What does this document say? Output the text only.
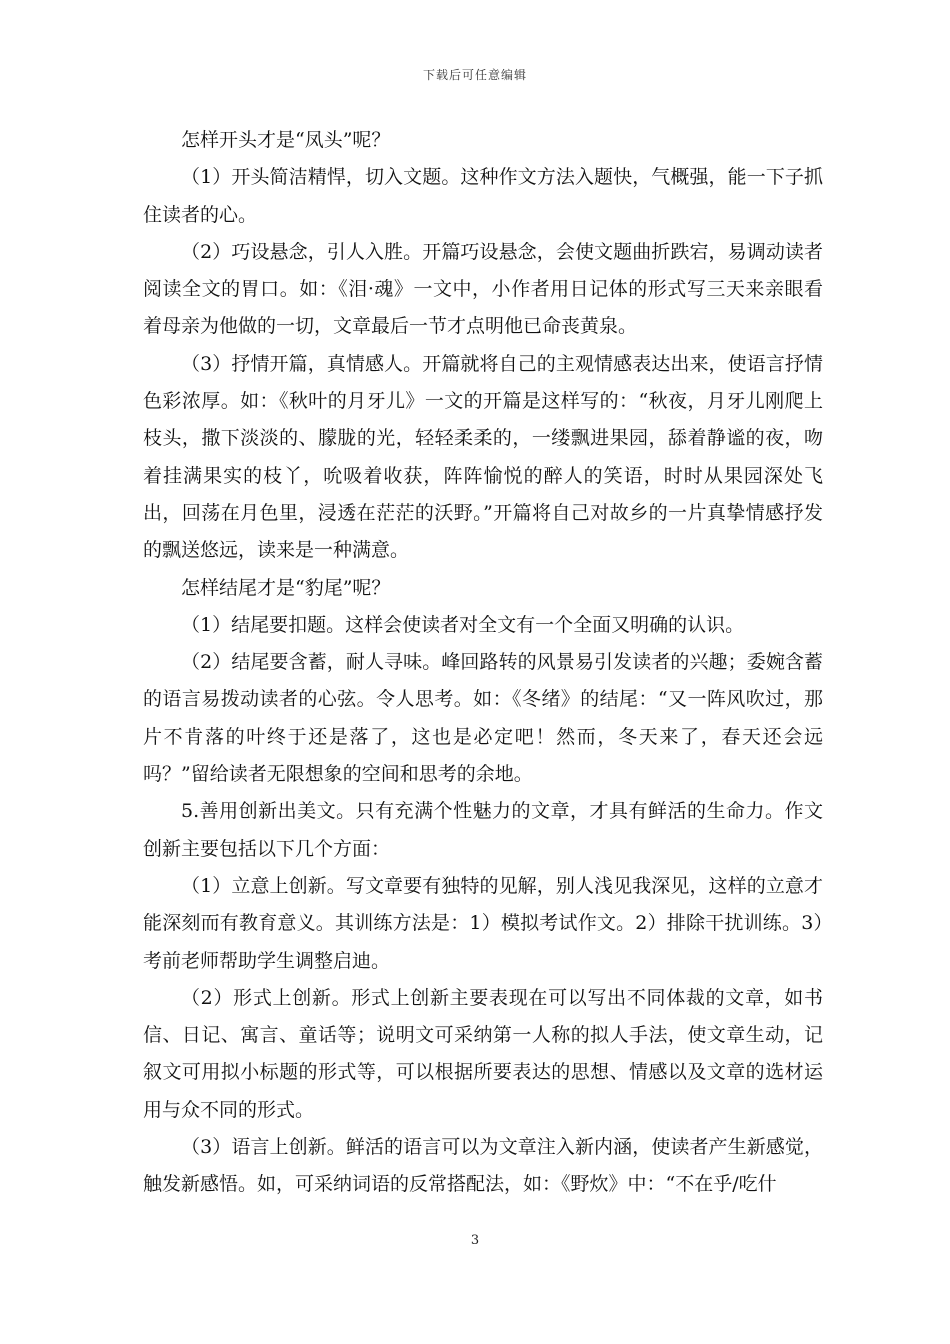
下载后可任意编辑

怎样开头才是“凤头”呢？

（1）开头简洁精悍，切入文题。这种作文方法入题快，气概强，能一下子抓住读者的心。

（2）巧设悬念，引人入胜。开篇巧设悬念，会使文题曲折跌宕，易调动读者阅读全文的胃口。如：《泪·魂》一文中，小作者用日记体的形式写三天来亲眼看着母亲为他做的一切，文章最后一节才点明他已命丧黄泉。

（3）抒情开篇，真情感人。开篇就将自己的主观情感表达出来，使语言抒情色彩浓厚。如：《秋叶的月牙儿》一文的开篇是这样写的：“秋夜，月牙儿刚爬上枝头，撒下淡淡的、朦胧的光，轻轻柔柔的，一缕飘进果园，舔着静谧的夜，吻着挂满果实的枝丫，吮吸着收获，阵阵愉悦的醉人的笑语，时时从果园深处飞出，回荡在月色里，浸透在茫茫的沃野。”开篇将自己对故乡的一片真挚情感抒发的飘送悠远，读来是一种满意。

怎样结尾才是“豹尾”呢？

（1）结尾要扣题。这样会使读者对全文有一个全面又明确的认识。

（2）结尾要含蓄，耐人寻味。峰回路转的风景易引发读者的兴趣；委婉含蓄的语言易拨动读者的心弦。令人思考。如：《冬绪》的结尾：“又一阵风吹过，那片不肯落的叶终于还是落了，这也是必定吧！然而，冬天来了，春天还会远吗？”留给读者无限想象的空间和思考的余地。

5.善用创新出美文。只有充满个性魅力的文章，才具有鲜活的生命力。作文创新主要包括以下几个方面：

（1）立意上创新。写文章要有独特的见解，别人浅见我深见，这样的立意才能深刻而有教育意义。其训练方法是：1）模拟考试作文。2）排除干扰训练。3）考前老师帮助学生调整启迪。

（2）形式上创新。形式上创新主要表现在可以写出不同体裁的文章，如书信、日记、寓言、童话等；说明文可采纳第一人称的拟人手法，使文章生动，记叙文可用拟小标题的形式等，可以根据所要表达的思想、情感以及文章的选材运用与众不同的形式。

（3）语言上创新。鲜活的语言可以为文章注入新内涵，使读者产生新感觉，触发新感悟。如，可采纳词语的反常搭配法，如：《野炊》中：“不在乎/吃什

3
